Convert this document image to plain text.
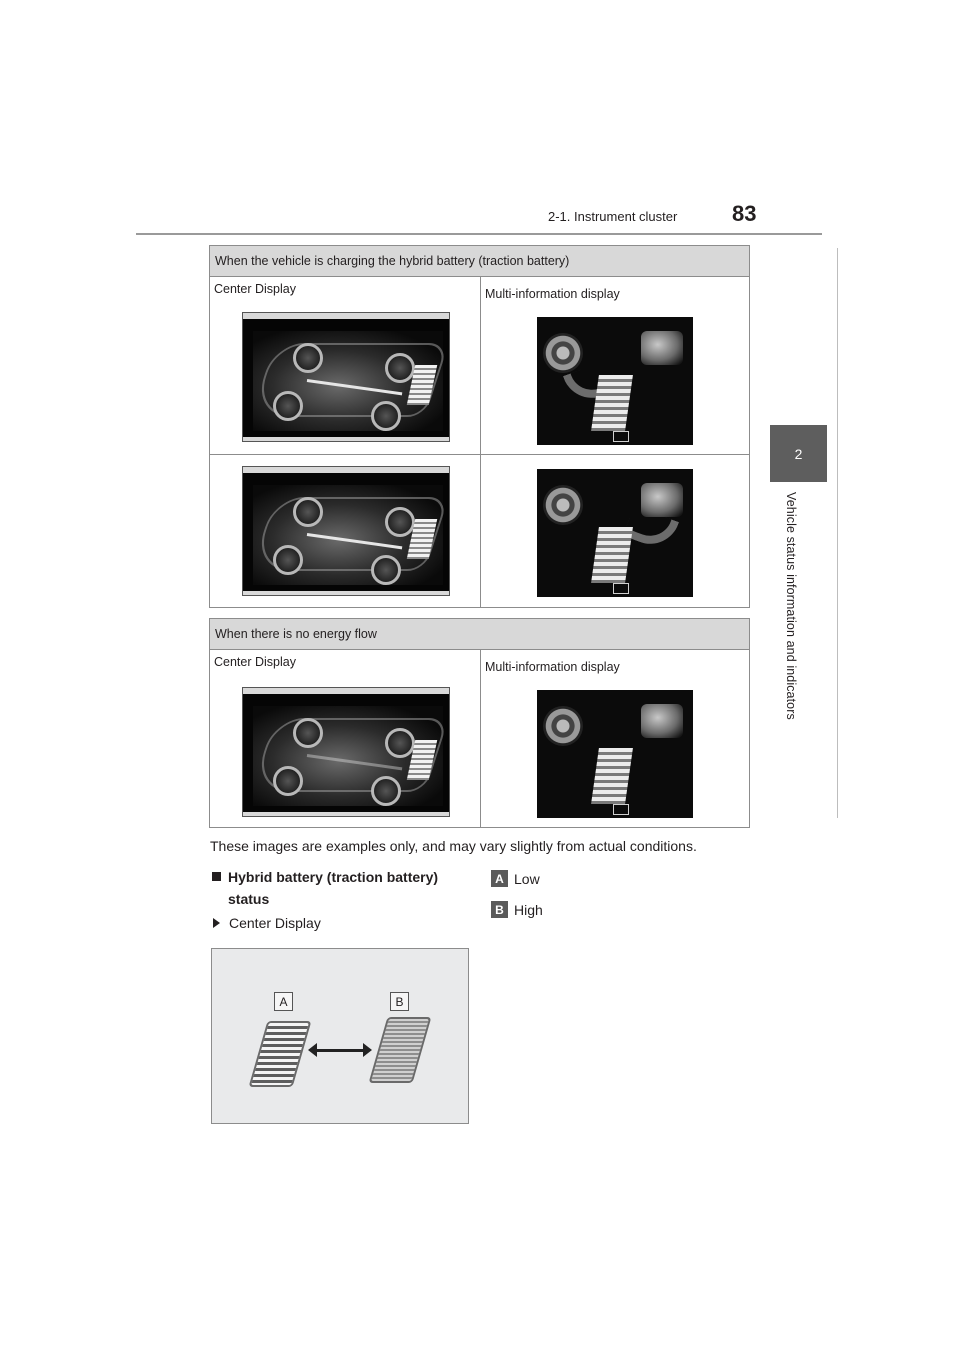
2-1. Instrument cluster 83
2
Vehicle status information and indicators
When the vehicle is charging the hybrid battery (traction battery)	

Center Display	Multi-information display

When there is no energy flow

Center Display	Multi-information display
These images are examples only, and may vary slightly from actual conditions.
Hybrid battery (traction battery)
status
Center Display
A Low
B High
A	B
